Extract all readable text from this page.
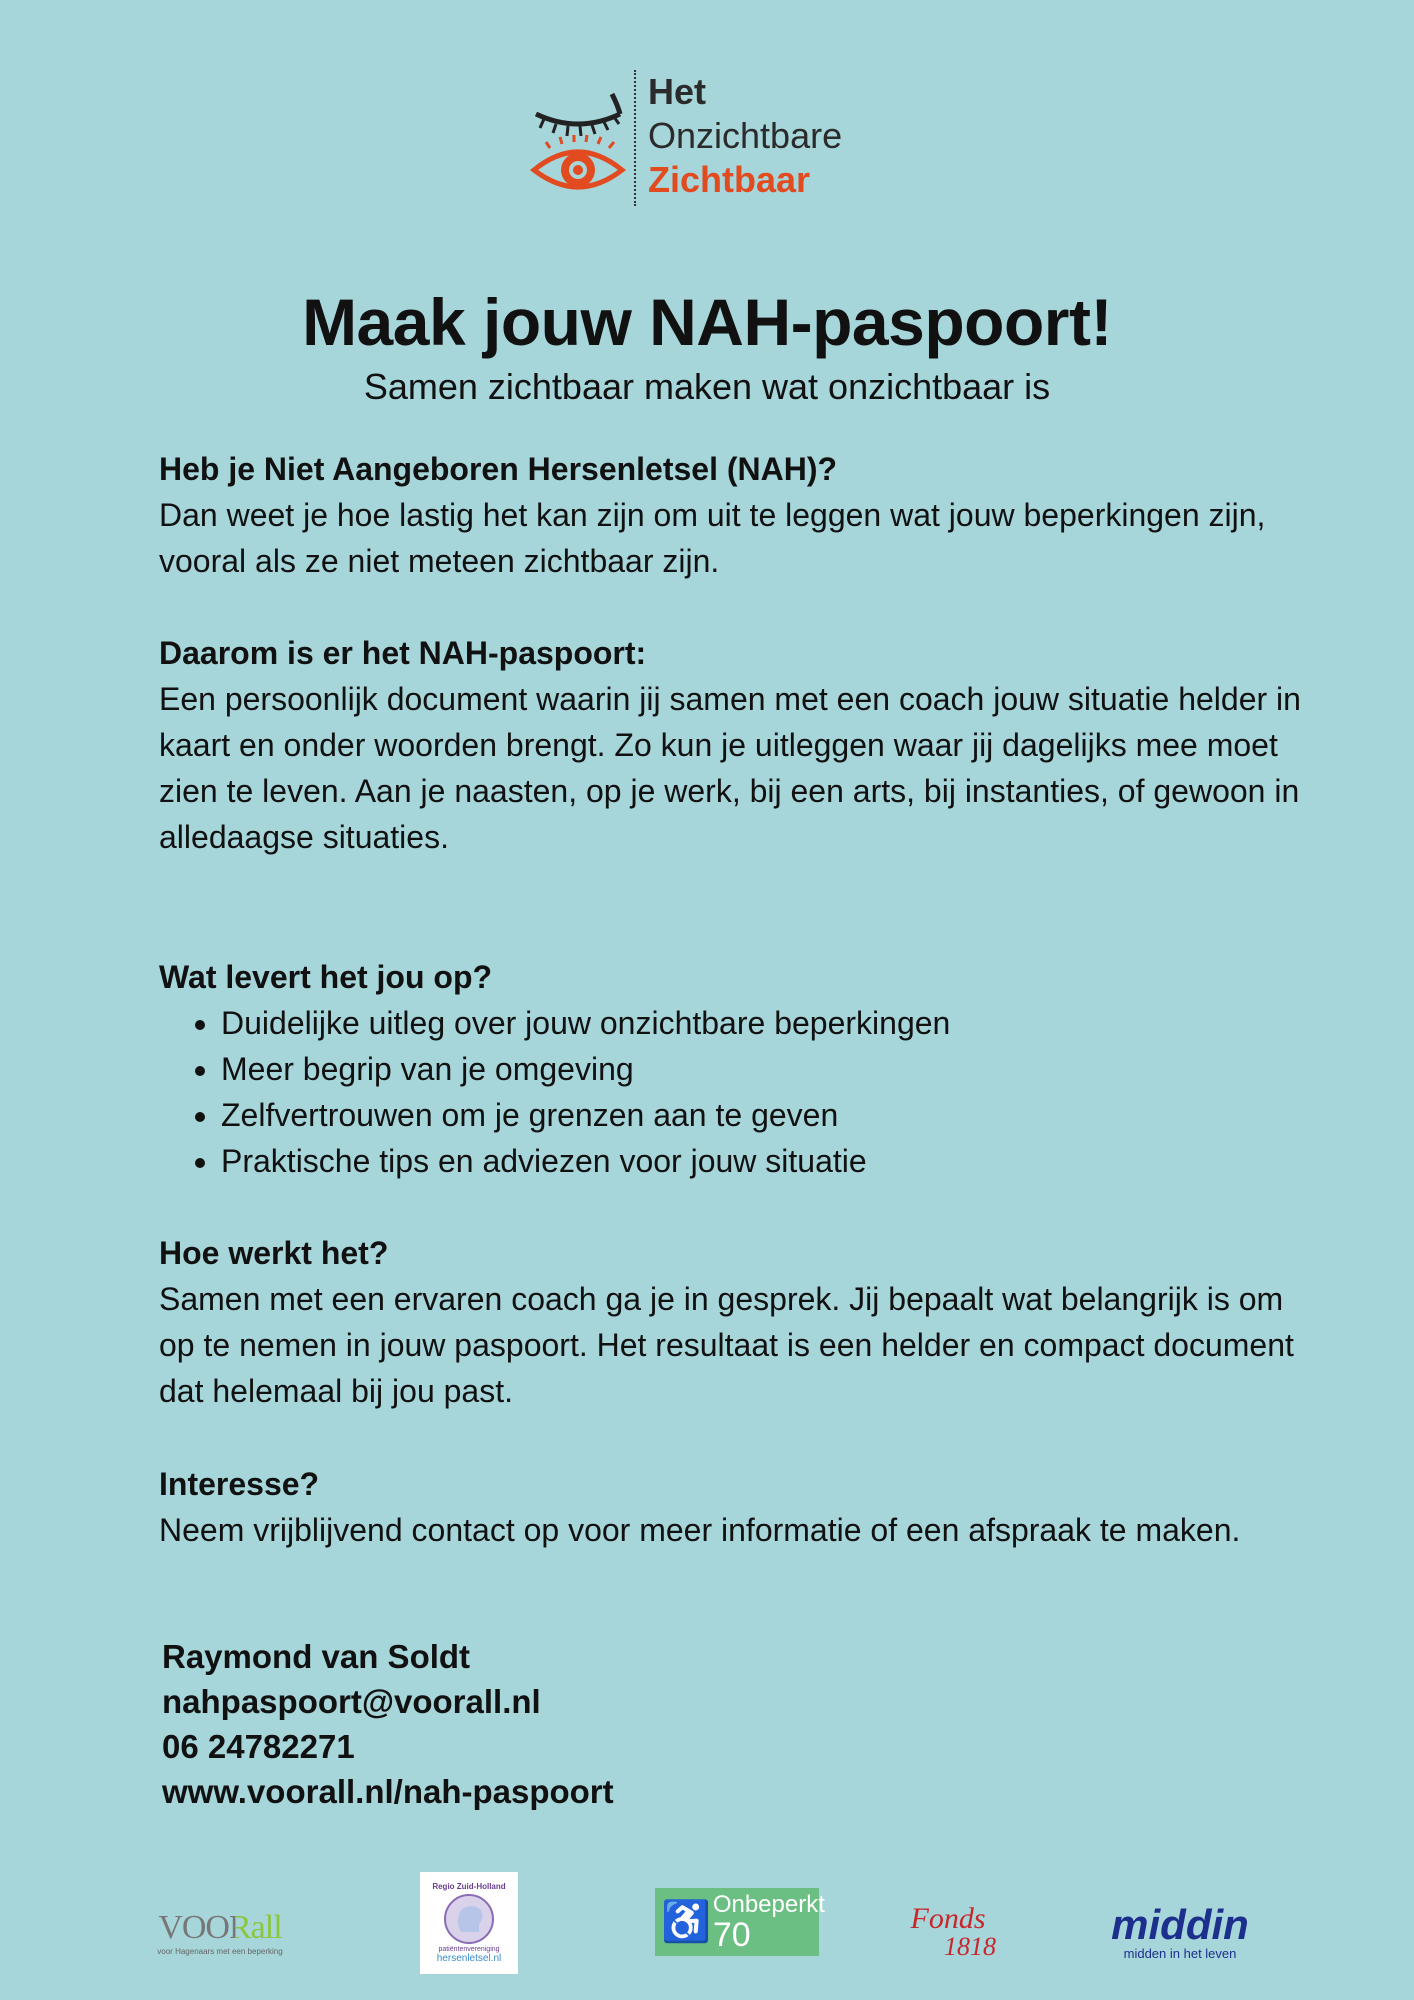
Het
Onzichtbare
Zichtbaar
Maak jouw NAH-paspoort!

Samen zichtbaar maken wat onzichtbaar is

Heb je Niet Aangeboren Hersenletsel (NAH)?

Dan weet je hoe lastig het kan zijn om uit te leggen wat jouw beperkingen zijn, vooral als ze niet meteen zichtbaar zijn.

Daarom is er het NAH-paspoort:

Een persoonlijk document waarin jij samen met een coach jouw situatie helder in kaart en onder woorden brengt. Zo kun je uitleggen waar jij dagelijks mee moet zien te leven. Aan je naasten, op je werk, bij een arts, bij instanties, of gewoon in alledaagse situaties.

Wat levert het jou op?
• Duidelijke uitleg over jouw onzichtbare beperkingen
• Meer begrip van je omgeving
• Zelfvertrouwen om je grenzen aan te geven
• Praktische tips en adviezen voor jouw situatie
Hoe werkt het?

Samen met een ervaren coach ga je in gesprek. Jij bepaalt wat belangrijk is om op te nemen in jouw paspoort. Het resultaat is een helder en compact document dat helemaal bij jou past.

Interesse?

Neem vrijblijvend contact op voor meer informatie of een afspraak te maken.

Raymond van Soldt
nahpaspoort@voorall.nl
06 24782271
www.voorall.nl/nah-paspoort
VOORall
voor Hagenaars met een beperking
Regio Zuid-Holland
patiëntenvereniging
hersenletsel.nl
♿ Onbeperkt
70	Fonds
1818	middin
midden in het leven
